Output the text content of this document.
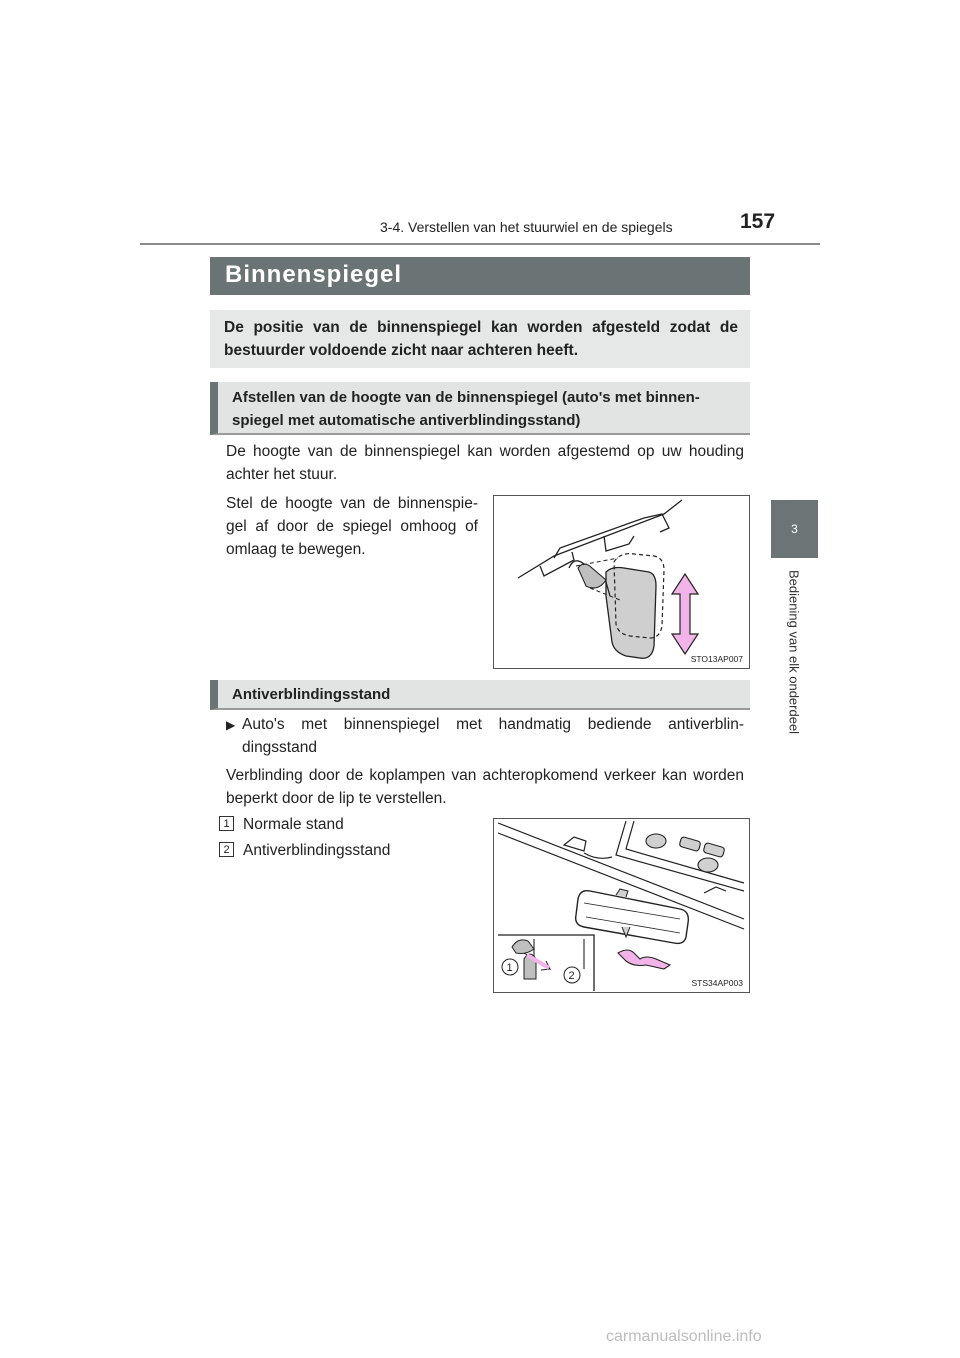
3-4. Verstellen van het stuurwiel en de spiegels	157
3
Bediening van elk onderdeel
Binnenspiegel

De positie van de binnenspiegel kan worden afgesteld zodat de bestuurder voldoende zicht naar achteren heeft.

Afstellen van de hoogte van de binnenspiegel (auto's met binnen-spiegel met automatische antiverblindingsstand)

De hoogte van de binnenspiegel kan worden afgestemd op uw houding achter het stuur.

Stel de hoogte van de binnenspie-gel af door de spiegel omhoog of omlaag te bewegen.

STO13AP007
Antiverblindingsstand
▶ Auto's met binnenspiegel met handmatig bediende antiverblin-dingsstand

Verblinding door de koplampen van achteropkomend verkeer kan worden beperkt door de lip te verstellen.

1 Normale stand
2 Antiverblindingsstand
1
2
STS34AP003
carmanualsonline.info
